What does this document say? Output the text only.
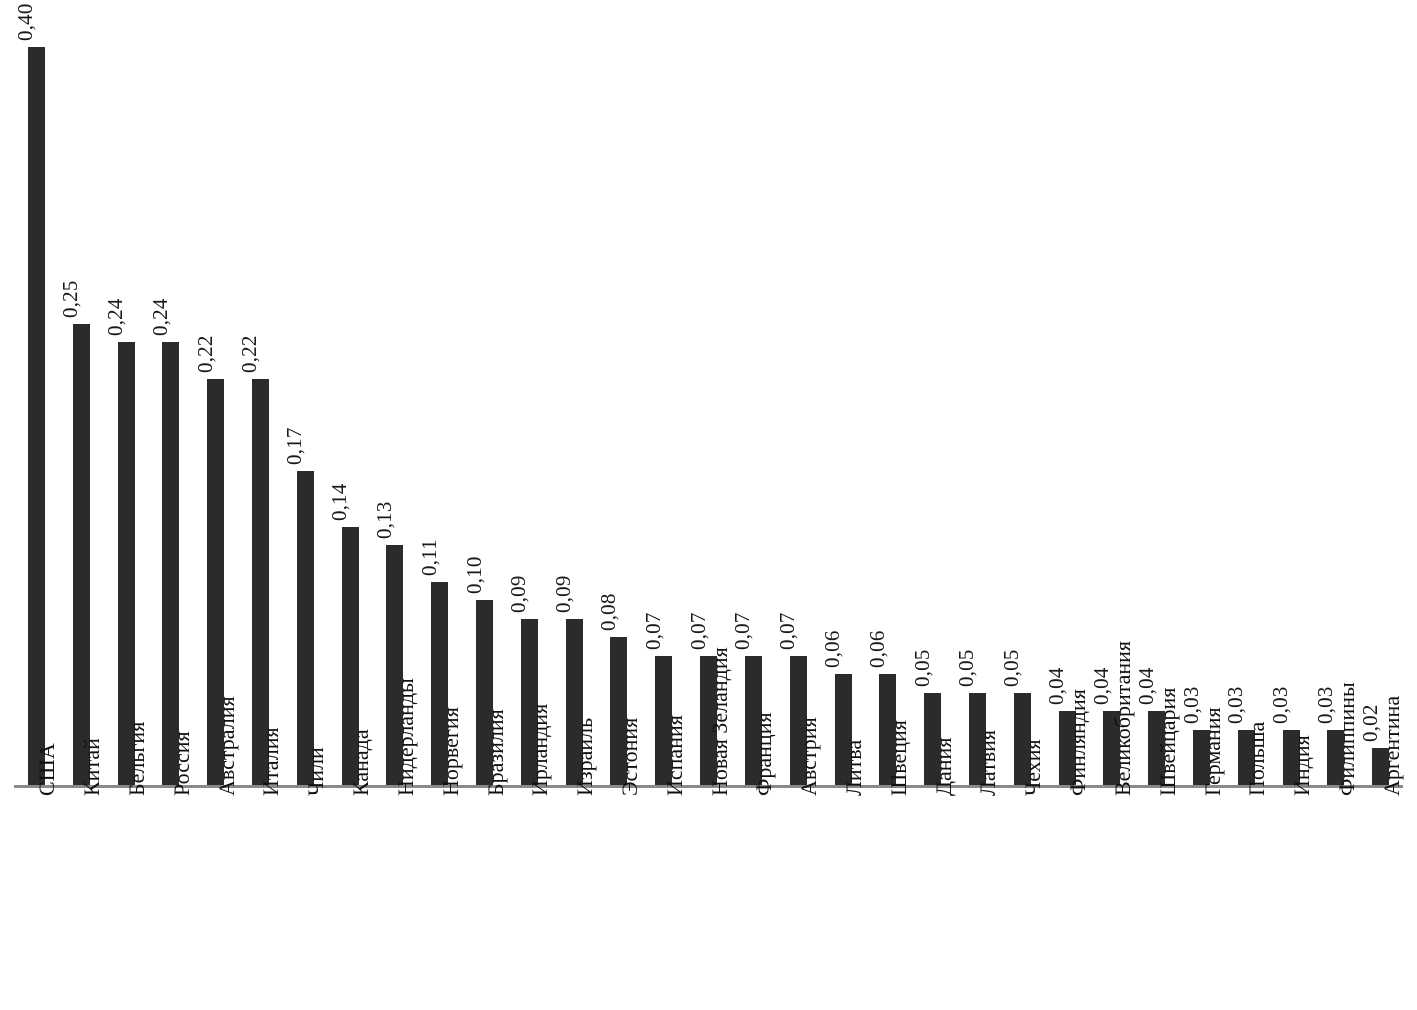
0,40
0,25 0,24 0,24
0,22 0,22
0,17
0,14 0,13
0,11 0,10
0,09 0,09 0,08
0,07 0,07 0,07 0,07 0,06 0,06
0,05 0,05 0,05 0,04 0,04 0,04
0,03 0,03 0,03 0,03 0,02
США Китай Бельгия Россия Австралия Италия Чили Канада Нидерланды Норвегия Бразилия Ирландия Израиль Эстония Испания Новая Зеландия Франция Австрия Литва Швеция Дания Латвия Чехия Финляндия Великобритания Швейцария Германия Польша Индия Филиппины Аргентина
